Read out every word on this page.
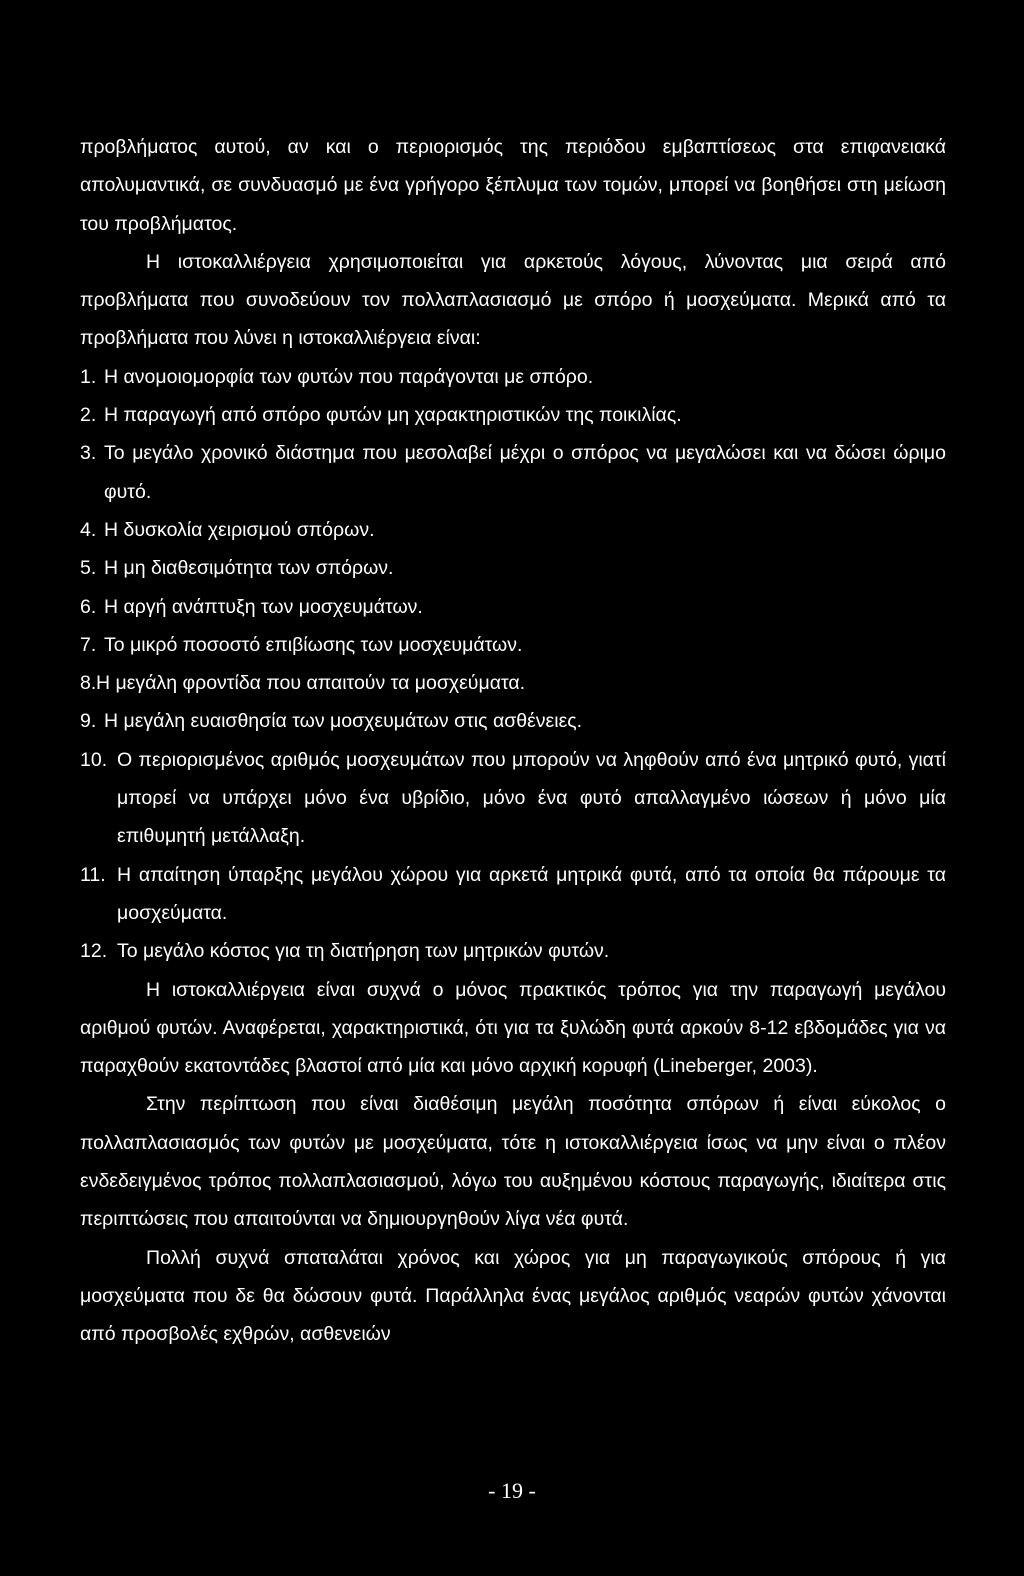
προβλήματος αυτού, αν και ο περιορισμός της περιόδου εμβαπτίσεως στα επιφανειακά απολυμαντικά, σε συνδυασμό με ένα γρήγορο ξέπλυμα των τομών, μπορεί να βοηθήσει στη μείωση του προβλήματος.

Η ιστοκαλλιέργεια χρησιμοποιείται για αρκετούς λόγους, λύνοντας μια σειρά από προβλήματα που συνοδεύουν τον πολλαπλασιασμό με σπόρο ή μοσχεύματα. Μερικά από τα προβλήματα που λύνει η ιστοκαλλιέργεια είναι:

1. Η ανομοιομορφία των φυτών που παράγονται με σπόρο.
2. Η παραγωγή από σπόρο φυτών μη χαρακτηριστικών της ποικιλίας.
3. Το μεγάλο χρονικό διάστημα που μεσολαβεί μέχρι ο σπόρος να μεγαλώσει και να δώσει ώριμο φυτό.
4. Η δυσκολία χειρισμού σπόρων.
5. Η μη διαθεσιμότητα των σπόρων.
6. Η αργή ανάπτυξη των μοσχευμάτων.
7. Το μικρό ποσοστό επιβίωσης των μοσχευμάτων.
8. Η μεγάλη φροντίδα που απαιτούν τα μοσχεύματα.
9. Η μεγάλη ευαισθησία των μοσχευμάτων στις ασθένειες.
10. Ο περιορισμένος αριθμός μοσχευμάτων που μπορούν να ληφθούν από ένα μητρικό φυτό, γιατί μπορεί να υπάρχει μόνο ένα υβρίδιο, μόνο ένα φυτό απαλλαγμένο ιώσεων ή μόνο μία επιθυμητή μετάλλαξη.
11. Η απαίτηση ύπαρξης μεγάλου χώρου για αρκετά μητρικά φυτά, από τα οποία θα πάρουμε τα μοσχεύματα.
12. Το μεγάλο κόστος για τη διατήρηση των μητρικών φυτών.

Η ιστοκαλλιέργεια είναι συχνά ο μόνος πρακτικός τρόπος για την παραγωγή μεγάλου αριθμού φυτών. Αναφέρεται, χαρακτηριστικά, ότι για τα ξυλώδη φυτά αρκούν 8-12 εβδομάδες για να παραχθούν εκατοντάδες βλαστοί από μία και μόνο αρχική κορυφή (Lineberger, 2003).

Στην περίπτωση που είναι διαθέσιμη μεγάλη ποσότητα σπόρων ή είναι εύκολος ο πολλαπλασιασμός των φυτών με μοσχεύματα, τότε η ιστοκαλλιέργεια ίσως να μην είναι ο πλέον ενδεδειγμένος τρόπος πολλαπλασιασμού, λόγω του αυξημένου κόστους παραγωγής, ιδιαίτερα στις περιπτώσεις που απαιτούνται να δημιουργηθούν λίγα νέα φυτά.

Πολλή συχνά σπαταλάται χρόνος και χώρος για μη παραγωγικούς σπόρους ή για μοσχεύματα που δε θα δώσουν φυτά. Παράλληλα ένας μεγάλος αριθμός νεαρών φυτών χάνονται από προσβολές εχθρών, ασθενειών

- 19 -
